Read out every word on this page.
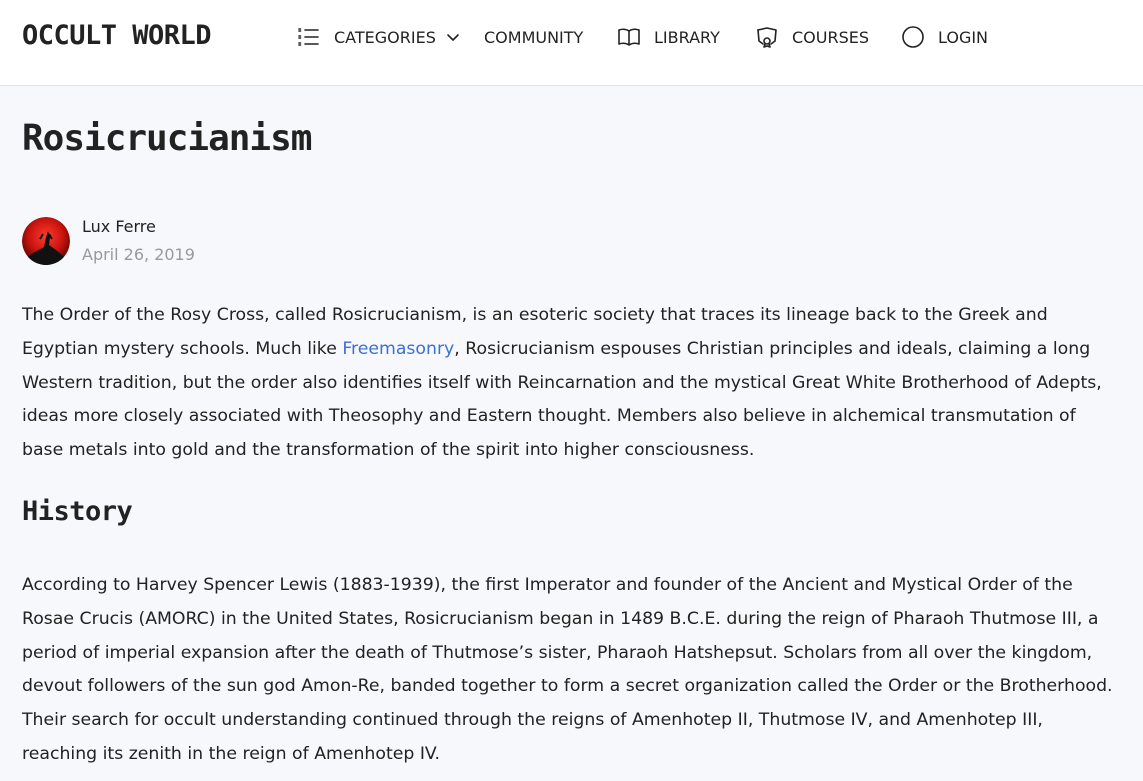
OCCULT WORLD	CATEGORIES	COMMUNITY	LIBRARY	COURSES	LOGIN
Rosicrucianism
Lux Ferre
April 26, 2019

The Order of the Rosy Cross, called Rosicrucianism, is an esoteric society that traces its lineage back to the Greek and Egyptian mystery schools. Much like Freemasonry, Rosicrucianism espouses Christian principles and ideals, claiming a long Western tradition, but the order also identifies itself with Reincarnation and the mystical Great White Brotherhood of Adepts, ideas more closely associated with Theosophy and Eastern thought. Members also believe in alchemical transmutation of base metals into gold and the transformation of the spirit into higher consciousness.

History

According to Harvey Spencer Lewis (1883-1939), the first Imperator and founder of the Ancient and Mystical Order of the Rosae Crucis (AMORC) in the United States, Rosicrucianism began in 1489 B.C.E. during the reign of Pharaoh Thutmose III, a period of imperial expansion after the death of Thutmose’s sister, Pharaoh Hatshepsut. Scholars from all over the kingdom, devout followers of the sun god Amon-Re, banded together to form a secret organization called the Order or the Brotherhood. Their search for occult understanding continued through the reigns of Amenhotep II, Thutmose IV, and Amenhotep III, reaching its zenith in the reign of Amenhotep IV.
